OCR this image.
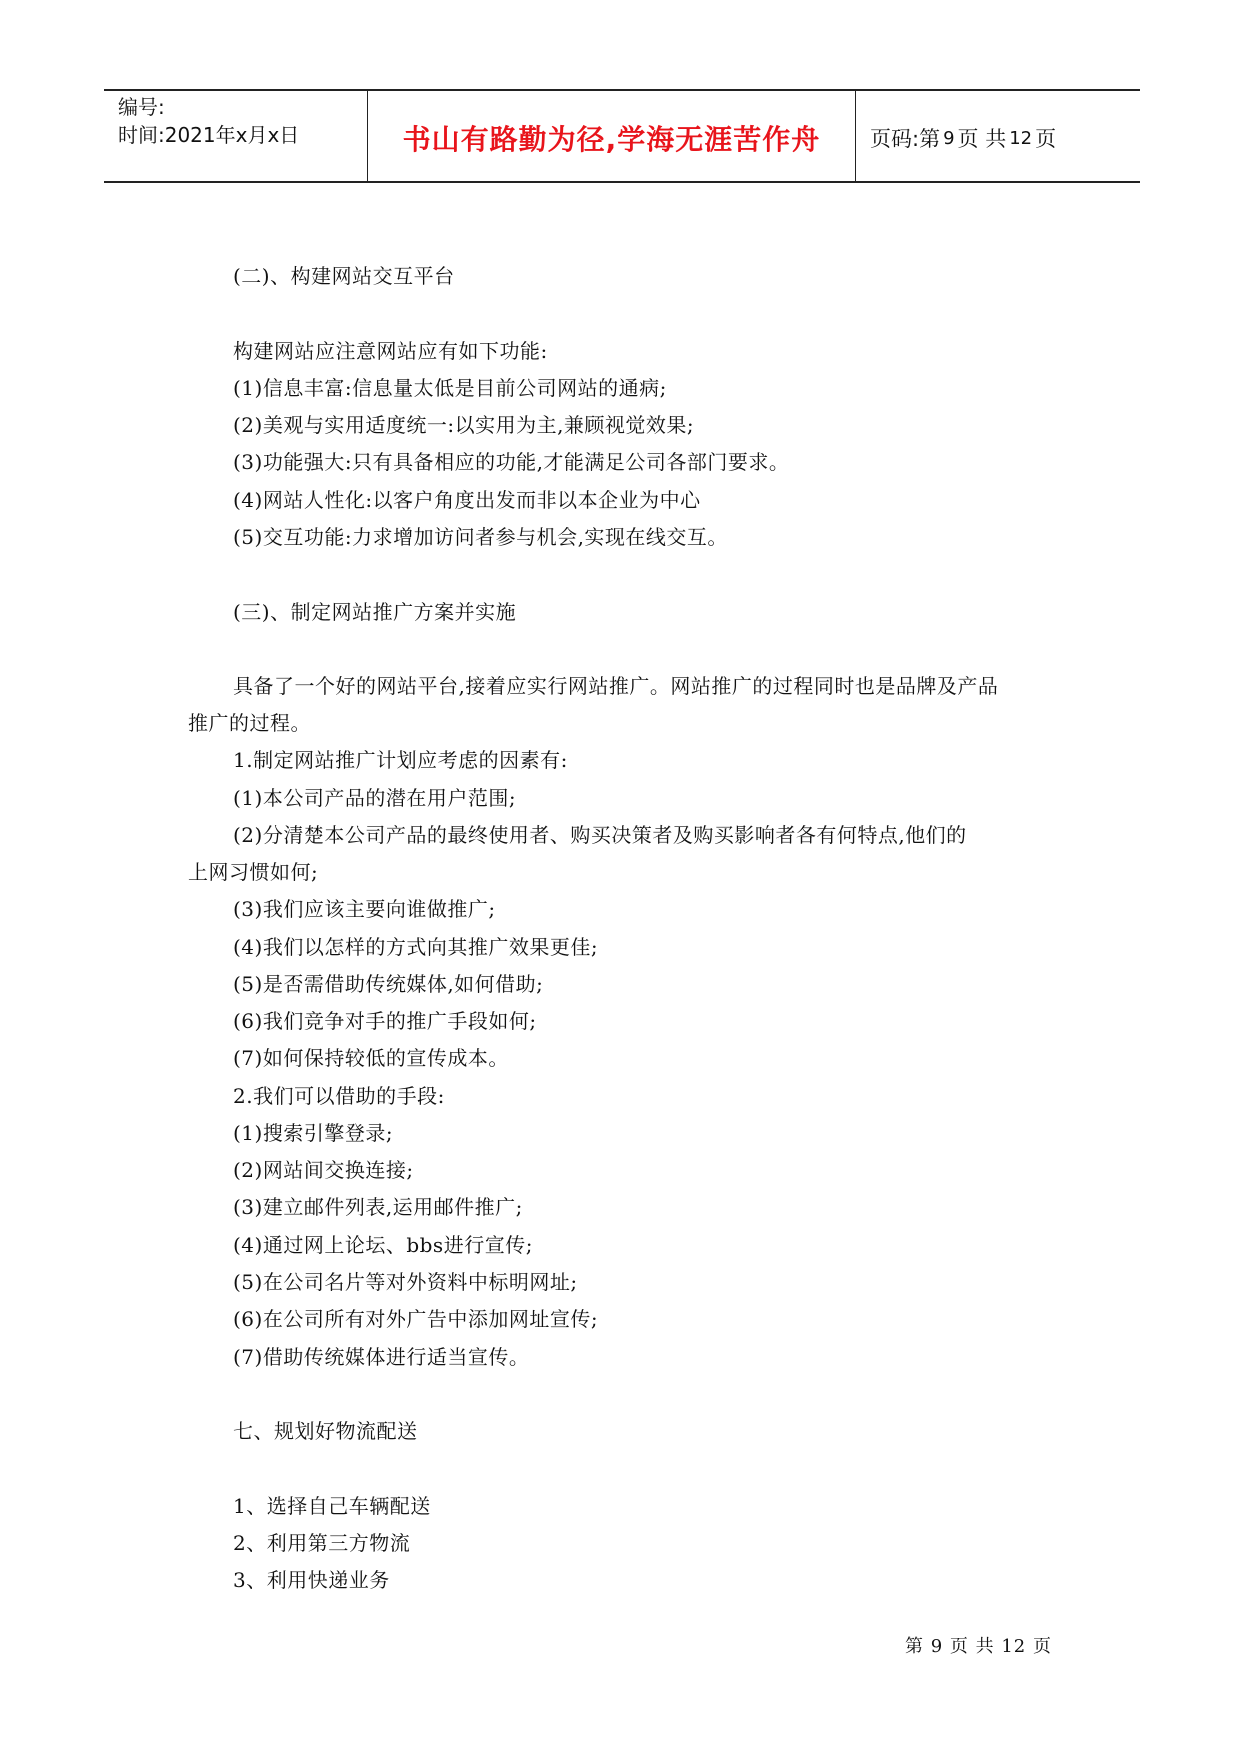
编号:
时间:2021年x月x日	书山有路勤为径,学海无涯苦作舟 页码:第 9 页 共 12 页
(二)、构建网站交互平台
构建网站应注意网站应有如下功能:
(1)信息丰富:信息量太低是目前公司网站的通病;
(2)美观与实用适度统一:以实用为主,兼顾视觉效果;
(3)功能强大:只有具备相应的功能,才能满足公司各部门要求。
(4)网站人性化:以客户角度出发而非以本企业为中心
(5)交互功能:力求增加访问者参与机会,实现在线交互。
(三)、制定网站推广方案并实施
具备了一个好的网站平台,接着应实行网站推广。网站推广的过程同时也是品牌及产品
推广的过程。
1.制定网站推广计划应考虑的因素有:
(1)本公司产品的潜在用户范围;
(2)分清楚本公司产品的最终使用者、购买决策者及购买影响者各有何特点,他们的
上网习惯如何;
(3)我们应该主要向谁做推广;
(4)我们以怎样的方式向其推广效果更佳;
(5)是否需借助传统媒体,如何借助;
(6)我们竞争对手的推广手段如何;
(7)如何保持较低的宣传成本。
2.我们可以借助的手段:
(1)搜索引擎登录;
(2)网站间交换连接;
(3)建立邮件列表,运用邮件推广;
(4)通过网上论坛、bbs进行宣传;
(5)在公司名片等对外资料中标明网址;
(6)在公司所有对外广告中添加网址宣传;
(7)借助传统媒体进行适当宣传。
七、规划好物流配送
1、选择自己车辆配送
2、利用第三方物流
3、利用快递业务
第 9 页 共 12 页
